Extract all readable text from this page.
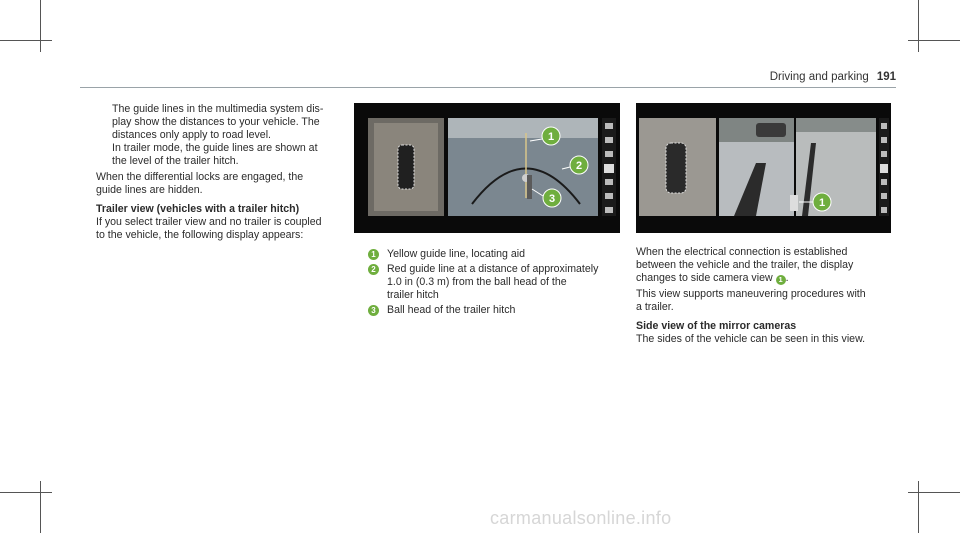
Driving and parking 191

The guide lines in the multimedia system dis-

play show the distances to your vehicle. The

distances only apply to road level.

In trailer mode, the guide lines are shown at

the level of the trailer hitch.

When the differential locks are engaged, the

guide lines are hidden.

Trailer view (vehicles with a trailer hitch)

If you select trailer view and no trailer is coupled

to the vehicle, the following display appears:

1
2
3
1	Yellow guide line, locating aid
2	Red guide line at a distance of approximately
1.0 in (0.3 m) from the ball head of the
trailer hitch
3	Ball head of the trailer hitch
1

When the electrical connection is established

between the vehicle and the trailer, the display

changes to side camera view 1 .

This view supports maneuvering procedures with

a trailer.

Side view of the mirror cameras

The sides of the vehicle can be seen in this view.

carmanualsonline.info
